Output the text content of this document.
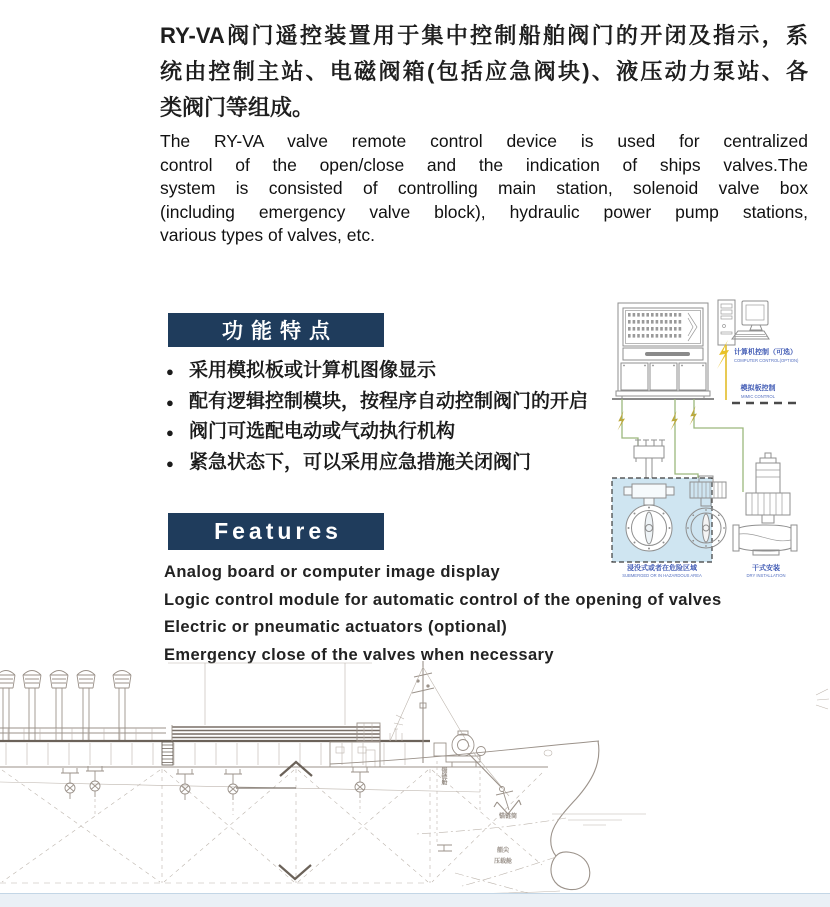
RY-VA阀门遥控装置用于集中控制船舶阀门的开闭及指示，系
统由控制主站、电磁阀箱(包括应急阀块)、液压动力泵站、各
类阀门等组成。
The RY-VA valve remote control device is used for centralized
control of the open/close and the indication of ships valves.The
system is consisted of controlling main station, solenoid valve box
(including emergency valve block), hydraulic power pump stations,
various types of valves, etc.
功能特点
● 采用模拟板或计算机图像显示
● 配有逻辑控制模块，按程序自动控制阀门的开启
● 阀门可选配电动或气动执行机构
● 紧急状态下，可以采用应急措施关闭阀门
Features
Analog board or computer image display
Logic control module for automatic control of the opening of valves
Electric or pneumatic actuators (optional)
Emergency close of the valves when necessary
计算机控制（可选）
COMPUTER CONTROL(OPTION)
模拟板控制
MIMIC CONTROL
浸没式或者在危险区域
SUBMERGED OR IN HAZARDOUS AREA
干式安装
DRY INSTALLATION
锚链舱
锚链筒
艏尖
压载舱
